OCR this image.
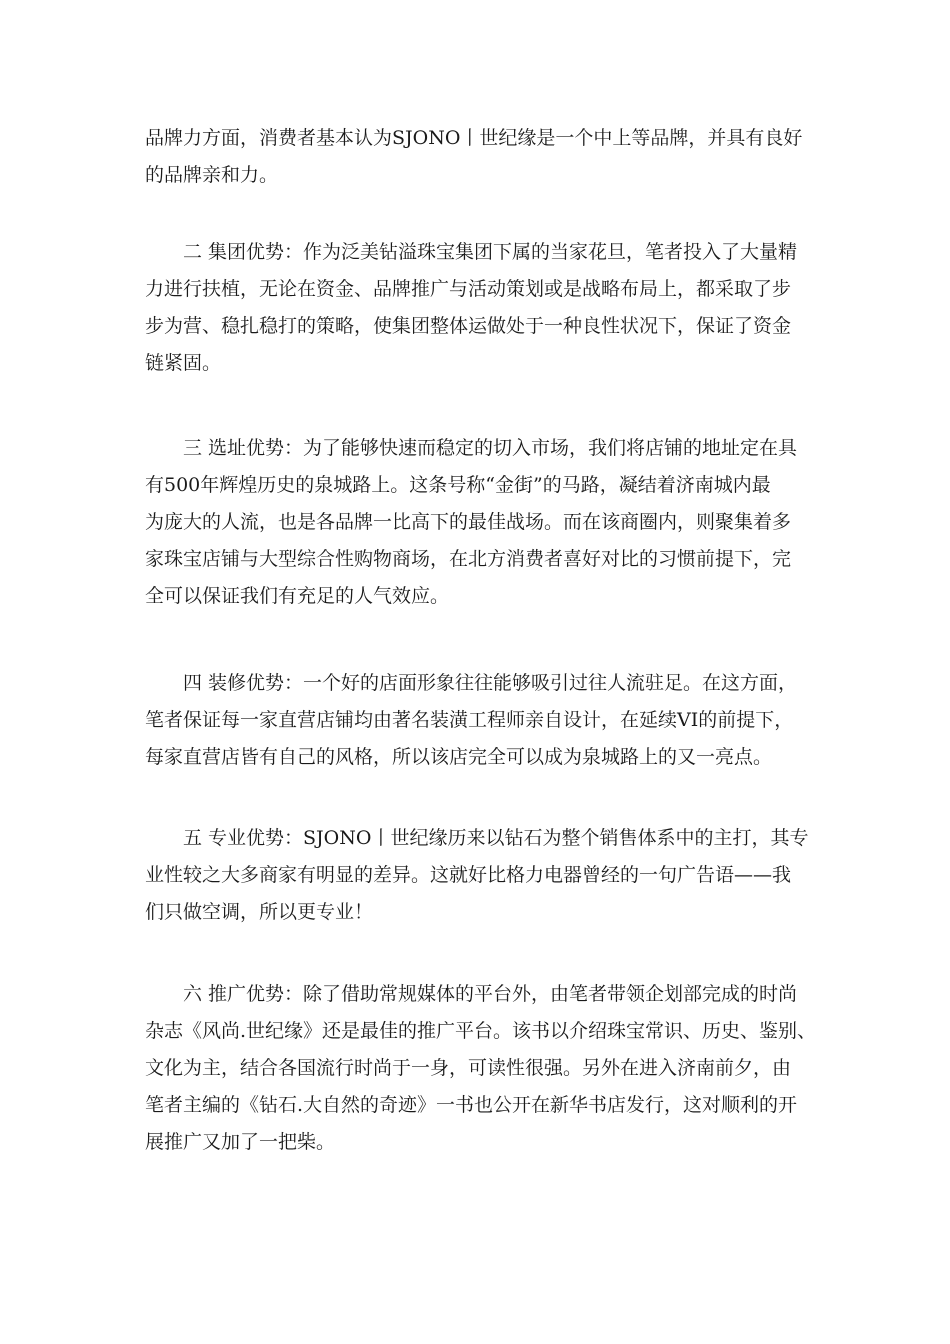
品牌力方面，消费者基本认为SJONO丨世纪缘是一个中上等品牌，并具有良好
的品牌亲和力。

二 集团优势：作为泛美钻溢珠宝集团下属的当家花旦，笔者投入了大量精
力进行扶植，无论在资金、品牌推广与活动策划或是战略布局上，都采取了步
步为营、稳扎稳打的策略，使集团整体运做处于一种良性状况下，保证了资金
链紧固。

三 选址优势：为了能够快速而稳定的切入市场，我们将店铺的地址定在具
有500年辉煌历史的泉城路上。这条号称“金街”的马路，凝结着济南城内最
为庞大的人流，也是各品牌一比高下的最佳战场。而在该商圈内，则聚集着多
家珠宝店铺与大型综合性购物商场，在北方消费者喜好对比的习惯前提下，完
全可以保证我们有充足的人气效应。

四 装修优势：一个好的店面形象往往能够吸引过往人流驻足。在这方面，
笔者保证每一家直营店铺均由著名装潢工程师亲自设计，在延续VI的前提下，
每家直营店皆有自己的风格，所以该店完全可以成为泉城路上的又一亮点。

五 专业优势：SJONO丨世纪缘历来以钻石为整个销售体系中的主打，其专
业性较之大多商家有明显的差异。这就好比格力电器曾经的一句广告语——我
们只做空调，所以更专业！

六 推广优势：除了借助常规媒体的平台外，由笔者带领企划部完成的时尚
杂志《风尚.世纪缘》还是最佳的推广平台。该书以介绍珠宝常识、历史、鉴别、
文化为主，结合各国流行时尚于一身，可读性很强。另外在进入济南前夕，由
笔者主编的《钻石.大自然的奇迹》一书也公开在新华书店发行，这对顺利的开
展推广又加了一把柴。
